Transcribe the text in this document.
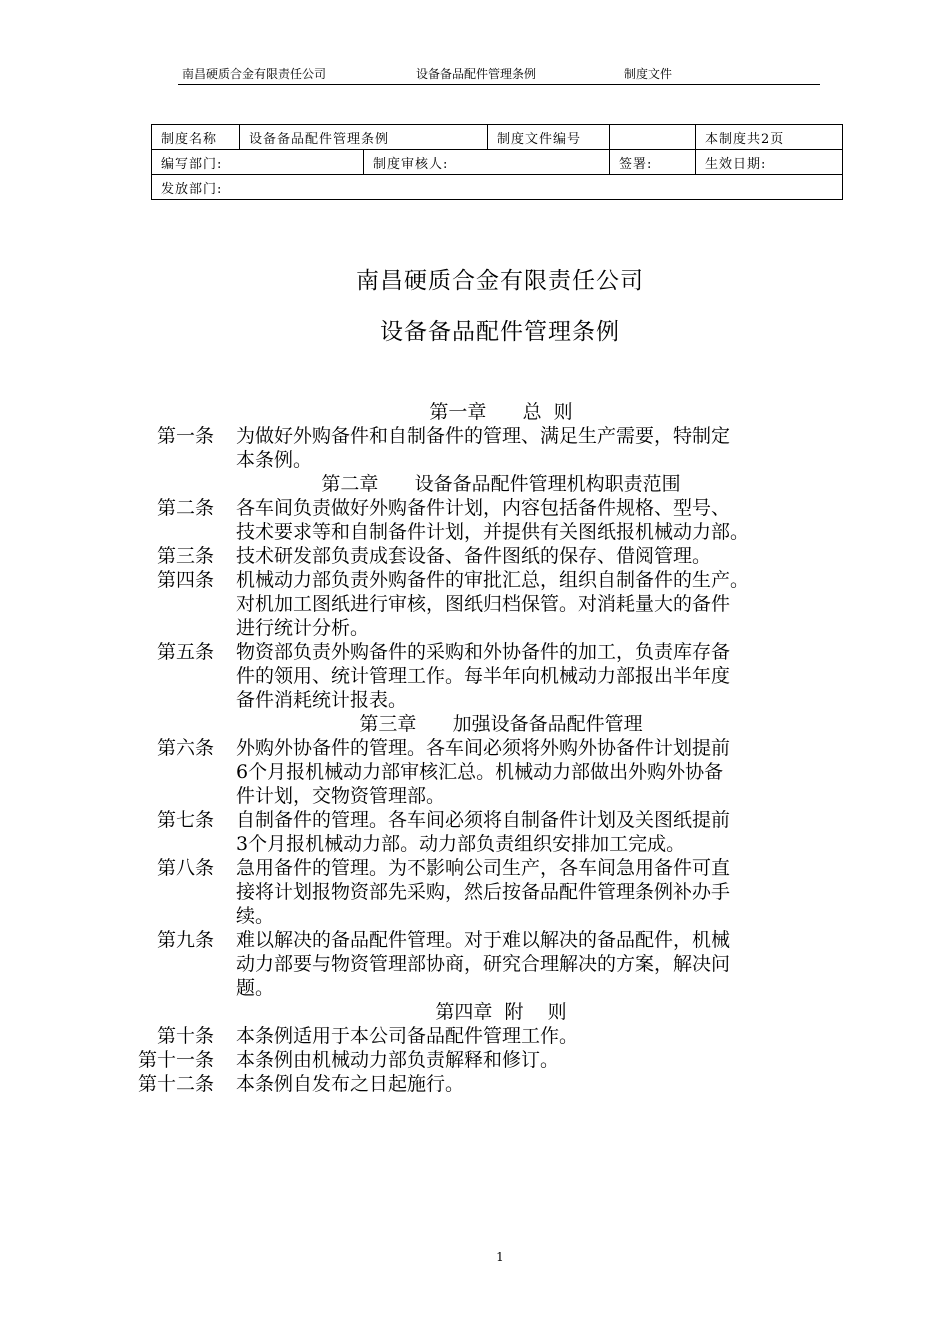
南昌硬质合金有限责任公司	设备备品配件管理条例	制度文件
制度名称	设备备品配件管理条例		制度文件编号		本制度共2页
编写部门:		制度审核人:		签署:	生效日期:
发放部门:					
南昌硬质合金有限责任公司
设备备品配件管理条例
第一章      总  则
第一条 为做好外购备件和自制备件的管理、满足生产需要，特制定
本条例。
第二章      设备备品配件管理机构职责范围
第二条 各车间负责做好外购备件计划，内容包括备件规格、型号、
技术要求等和自制备件计划，并提供有关图纸报机械动力部。
第三条 技术研发部负责成套设备、备件图纸的保存、借阅管理。
第四条 机械动力部负责外购备件的审批汇总，组织自制备件的生产。
对机加工图纸进行审核，图纸归档保管。对消耗量大的备件
进行统计分析。
第五条 物资部负责外购备件的采购和外协备件的加工，负责库存备
件的领用、统计管理工作。每半年向机械动力部报出半年度
备件消耗统计报表。
第三章      加强设备备品配件管理
第六条 外购外协备件的管理。各车间必须将外购外协备件计划提前
6个月报机械动力部审核汇总。机械动力部做出外购外协备
件计划，交物资管理部。
第七条 自制备件的管理。各车间必须将自制备件计划及关图纸提前
3个月报机械动力部。动力部负责组织安排加工完成。
第八条 急用备件的管理。为不影响公司生产，各车间急用备件可直
接将计划报物资部先采购，然后按备品配件管理条例补办手
续。
第九条 难以解决的备品配件管理。对于难以解决的备品配件，机械
动力部要与物资管理部协商，研究合理解决的方案，解决问
题。
第四章  附    则
第十条 本条例适用于本公司备品配件管理工作。
第十一条 本条例由机械动力部负责解释和修订。
第十二条 本条例自发布之日起施行。
1
